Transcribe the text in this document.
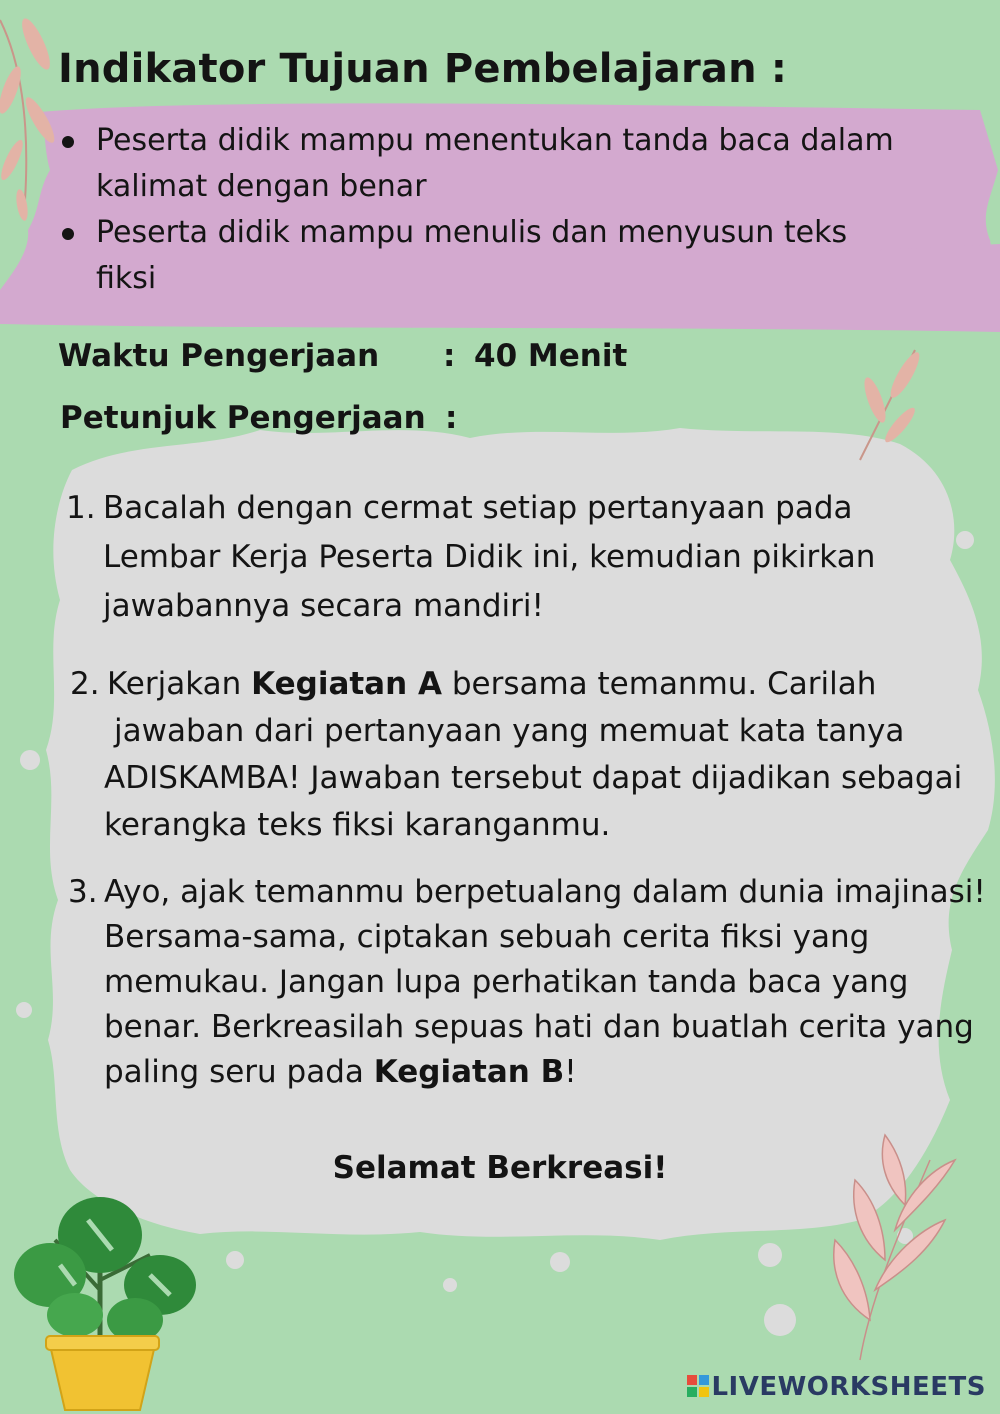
Indikator Tujuan Pembelajaran :
Peserta didik mampu menentukan tanda baca dalam
kalimat dengan benar
Peserta didik mampu menulis dan menyusun teks
fiksi
Waktu Pengerjaan : 40 Menit
Petunjuk Pengerjaan :
1. Bacalah dengan cermat setiap pertanyaan pada
Lembar Kerja Peserta Didik ini, kemudian pikirkan
jawabannya secara mandiri!
2. Kerjakan Kegiatan A bersama temanmu. Carilah
jawaban dari pertanyaan yang memuat kata tanya
ADISKAMBA! Jawaban tersebut dapat dijadikan sebagai
kerangka teks fiksi karanganmu.
3. Ayo, ajak temanmu berpetualang dalam dunia imajinasi!
Bersama-sama, ciptakan sebuah cerita fiksi yang
memukau. Jangan lupa perhatikan tanda baca yang
benar. Berkreasilah sepuas hati dan buatlah cerita yang
paling seru pada Kegiatan B!
Selamat Berkreasi!
LIVEWORKSHEETS
